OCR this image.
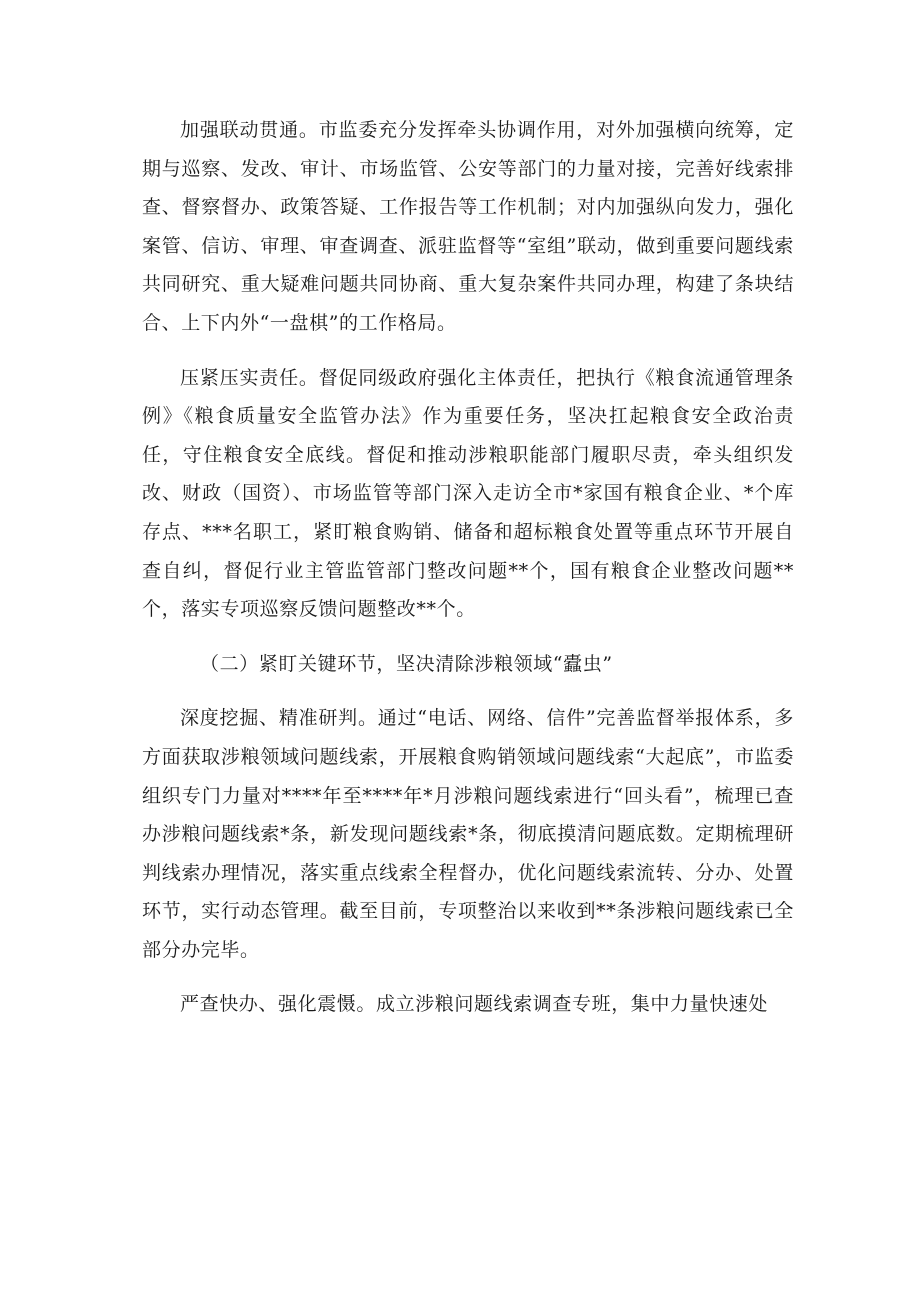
加强联动贯通。市监委充分发挥牵头协调作用，对外加强横向统筹，定期与巡察、发改、审计、市场监管、公安等部门的力量对接，完善好线索排查、督察督办、政策答疑、工作报告等工作机制；对内加强纵向发力，强化案管、信访、审理、审查调查、派驻监督等“室组”联动，做到重要问题线索共同研究、重大疑难问题共同协商、重大复杂案件共同办理，构建了条块结合、上下内外“一盘棋”的工作格局。

压紧压实责任。督促同级政府强化主体责任，把执行《粮食流通管理条例》《粮食质量安全监管办法》作为重要任务，坚决扛起粮食安全政治责任，守住粮食安全底线。督促和推动涉粮职能部门履职尽责，牵头组织发改、财政（国资）、市场监管等部门深入走访全市*家国有粮食企业、*个库存点、***名职工，紧盯粮食购销、储备和超标粮食处置等重点环节开展自查自纠，督促行业主管监管部门整改问题**个，国有粮食企业整改问题**个，落实专项巡察反馈问题整改**个。

（二）紧盯关键环节，坚决清除涉粮领域“蠹虫”

深度挖掘、精准研判。通过“电话、网络、信件”完善监督举报体系，多方面获取涉粮领域问题线索，开展粮食购销领域问题线索“大起底”，市监委组织专门力量对****年至****年*月涉粮问题线索进行“回头看”，梳理已查办涉粮问题线索*条，新发现问题线索*条，彻底摸清问题底数。定期梳理研判线索办理情况，落实重点线索全程督办，优化问题线索流转、分办、处置环节，实行动态管理。截至目前，专项整治以来收到**条涉粮问题线索已全部分办完毕。

严查快办、强化震慑。成立涉粮问题线索调查专班，集中力量快速处
